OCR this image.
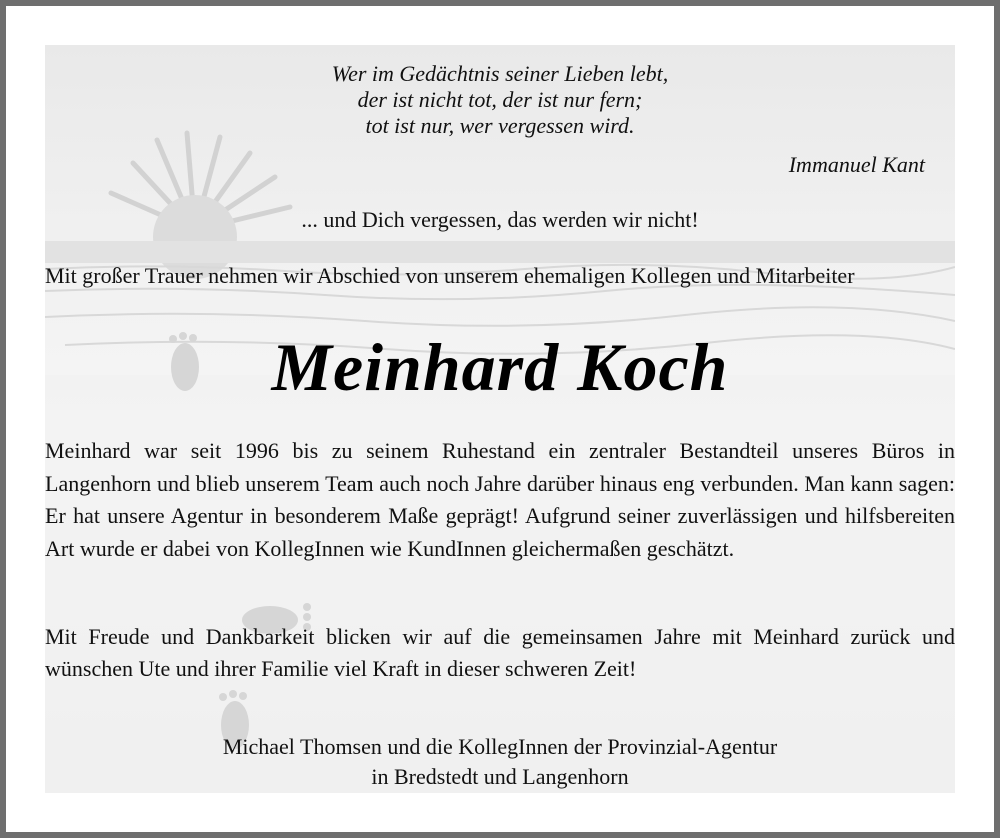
Wer im Gedächtnis seiner Lieben lebt,
der ist nicht tot, der ist nur fern;
tot ist nur, wer vergessen wird.
Immanuel Kant
... und Dich vergessen, das werden wir nicht!
Mit großer Trauer nehmen wir Abschied von unserem ehemaligen Kollegen und Mitarbeiter
Meinhard Koch
Meinhard war seit 1996 bis zu seinem Ruhestand ein zentraler Bestandteil unseres Büros in Langenhorn und blieb unserem Team auch noch Jahre darüber hinaus eng verbunden. Man kann sagen: Er hat unsere Agentur in besonderem Maße geprägt! Aufgrund seiner zuverlässigen und hilfsbereiten Art wurde er dabei von KollegInnen wie KundInnen gleichermaßen geschätzt.
Mit Freude und Dankbarkeit blicken wir auf die gemeinsamen Jahre mit Meinhard zurück und wünschen Ute und ihrer Familie viel Kraft in dieser schweren Zeit!
Michael Thomsen und die KollegInnen der Provinzial-Agentur
in Bredstedt und Langenhorn
